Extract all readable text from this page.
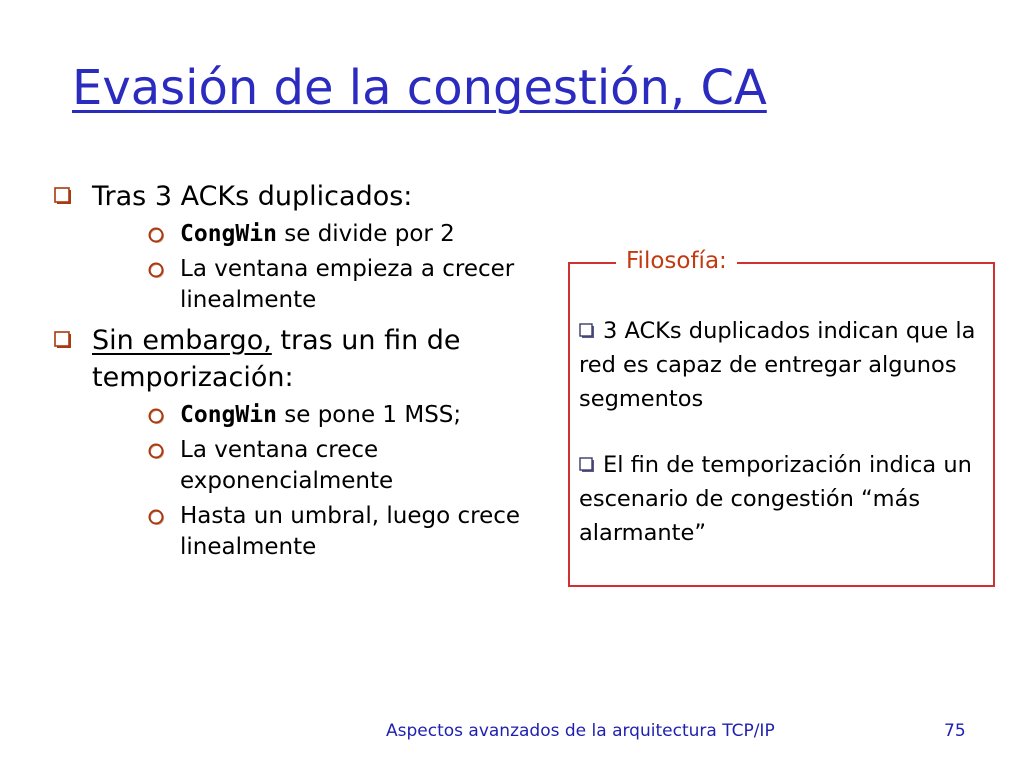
Evasión de la congestión, CA
Tras 3 ACKs duplicados:
CongWin se divide por 2
La ventana empieza a crecer linealmente
Sin embargo, tras un fin de temporización:
CongWin se pone 1 MSS;
La ventana crece exponencialmente
Hasta un umbral, luego crece linealmente
Filosofía:
3 ACKs duplicados indican que la red es capaz de entregar algunos segmentos
El fin de temporización indica un escenario de congestión “más alarmante”
Aspectos avanzados de la arquitectura TCP/IP	75
